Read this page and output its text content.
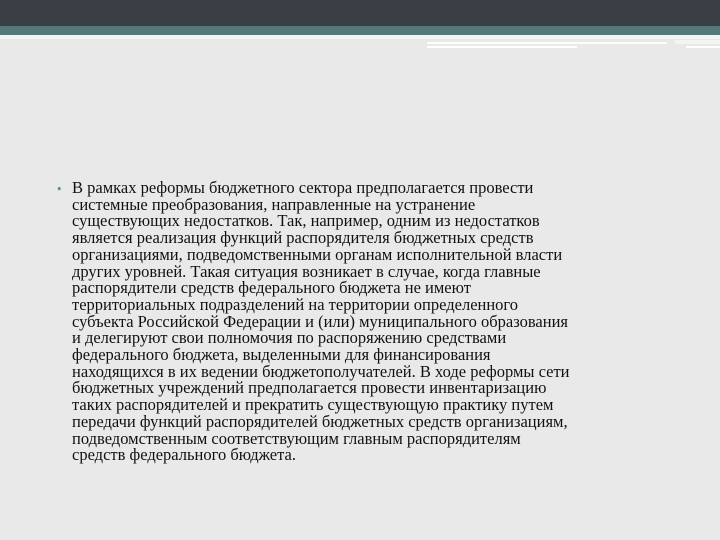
• В рамках реформы бюджетного сектора предполагается провести
системные преобразования, направленные на устранение
существующих недостатков. Так, например, одним из недостатков
является реализация функций распорядителя бюджетных средств
организациями, подведомственными органам исполнительной власти
других уровней. Такая ситуация возникает в случае, когда главные
распорядители средств федерального бюджета не имеют
территориальных подразделений на территории определенного
субъекта Российской Федерации и (или) муниципального образования
и делегируют свои полномочия по распоряжению средствами
федерального бюджета, выделенными для финансирования
находящихся в их ведении бюджетополучателей. В ходе реформы сети
бюджетных учреждений предполагается провести инвентаризацию
таких распорядителей и прекратить существующую практику путем
передачи функций распорядителей бюджетных средств организациям,
подведомственным соответствующим главным распорядителям
средств федерального бюджета.
